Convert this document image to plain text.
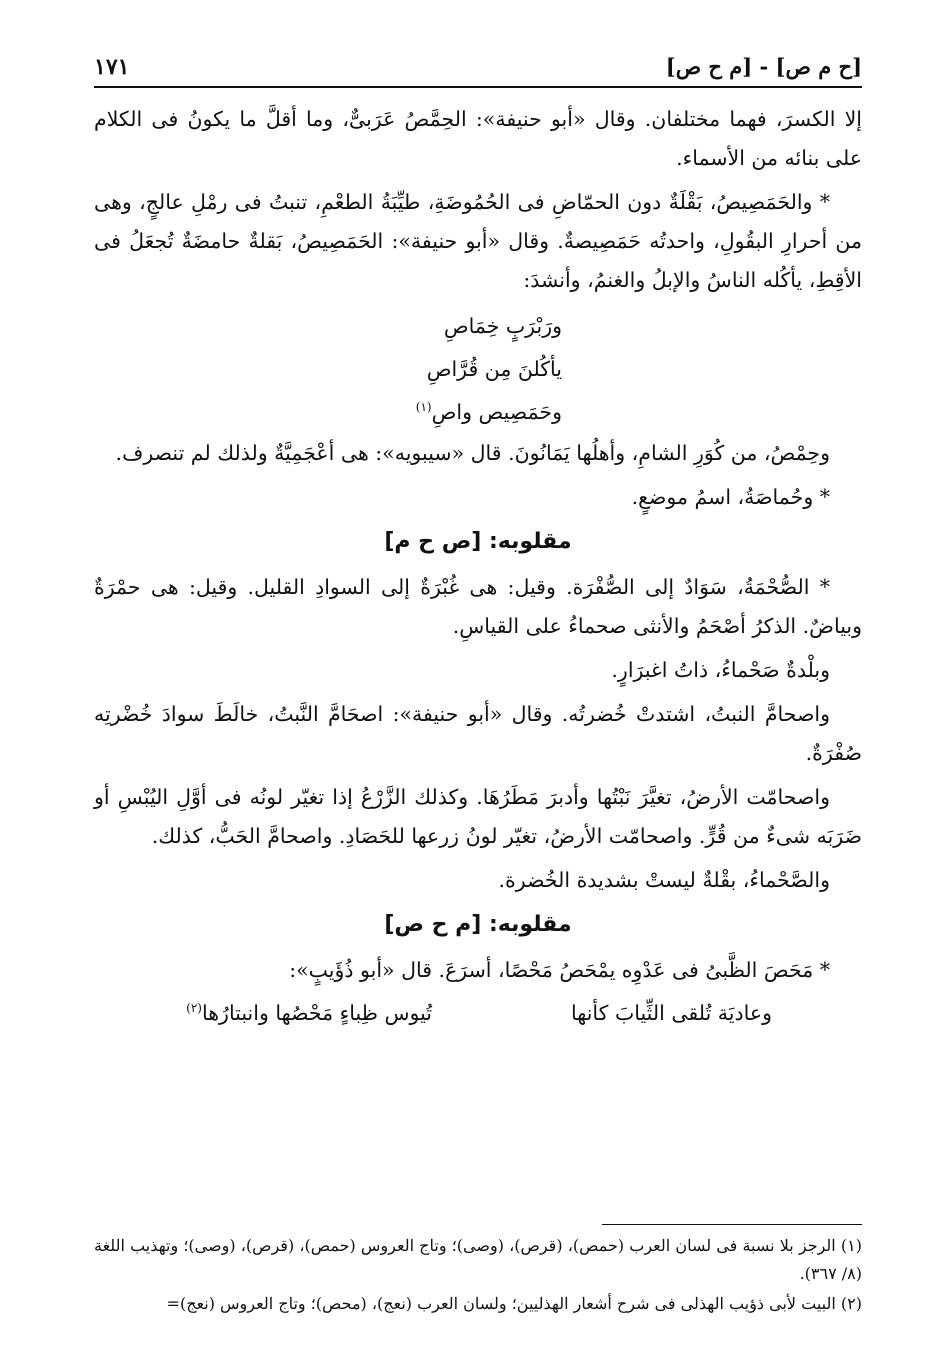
[ح م ص] - [م ح ص]
١٧١

إلا الكسرَ، فهما مختلفان. وقال «أبو حنيفة»: الحِمَّصُ عَرَبىٌّ، وما أقلَّ ما يكونُ فى الكلام على بنائه من الأسماء.

* والحَمَصِيصُ، بَقْلَةٌ دون الحمّاضِ فى الحُمُوضَةِ، طيِّبَةُ الطعْمِ، تنبتُ فى رمْلِ عالجٍ، وهى من أحرارِ البقُولِ، واحدتُه حَمَصِيصةٌ. وقال «أبو حنيفة»: الحَمَصِيصُ، بَقلةٌ حامضَةٌ تُجعَلُ فى الأقِطِ، يأكُله الناسُ والإبلُ والغنمُ، وأنشدَ:

ورَبْرَبٍ خِمَاصِ
يأكُلنَ مِن قُرَّاصِ
وحَمَصِيص واصِ$^{(١)}$

وحِمْصُ، من كُوَرِ الشامِ، وأهلُها يَمَانُونَ. قال «سيبويه»: هى أعْجَمِيَّةٌ ولذلك لم تنصرف.

* وحُماصَةُ، اسمُ موضعٍ.

مقلوبه: [ص ح م]

* الصُّحْمَةُ، سَوَادٌ إلى الصُّفْرَة. وقيل: هى غُبْرَةٌ إلى السوادِ القليل. وقيل: هى حمْرَةٌ وبياضٌ. الذكرُ أصْحَمُ والأنثى صحماءُ على القياسِ.

وبلْدةٌ صَحْماءُ، ذاتُ اغبرَارٍ.

واصحامَّ النبتُ، اشتدتْ خُضرتُه. وقال «أبو حنيفة»: اصحَامَّ النَّبتُ، خالَطَ سوادَ خُضْرتِه صُفْرَةٌ.

واصحامّت الأرضُ، تغيَّرَ نَبْتُها وأدبرَ مَطَرُهَا. وكذلك الزَّرْعُ إذا تغيّر لونُه فى أوَّلِ اليُبْسِ أو ضَرَبَه شىءٌ من قُرٍّ. واصحامّت الأرضُ، تغيّر لونُ زرعها للحَصَادِ. واصحامَّ الحَبُّ، كذلك.

والصَّحْماءُ، بقْلةٌ ليستْ بشديدة الخُضرة.

مقلوبه: [م ح ص]

* مَحَصَ الظَّبىُ فى عَدْوِه يمْحَصُ مَحْصًا، أسرَعَ. قال «أبو ذُؤَيبٍ»:

وعاديَة تُلقى الثِّيابَ كأنها
تُيوس ظِباءٍ مَحْصُها وانبتارُها$^{(٢)}$

(١) الرجز بلا نسبة فى لسان العرب (حمص)، (قرص)، (وصى)؛ وتاج العروس (حمص)، (قرص)، (وصى)؛ وتهذيب اللغة (٨/ ٣٦٧).

(٢) البيت لأبى ذؤيب الهذلى فى شرح أشعار الهذليين؛ ولسان العرب (نعج)، (محص)؛ وتاج العروس (نعج)=
